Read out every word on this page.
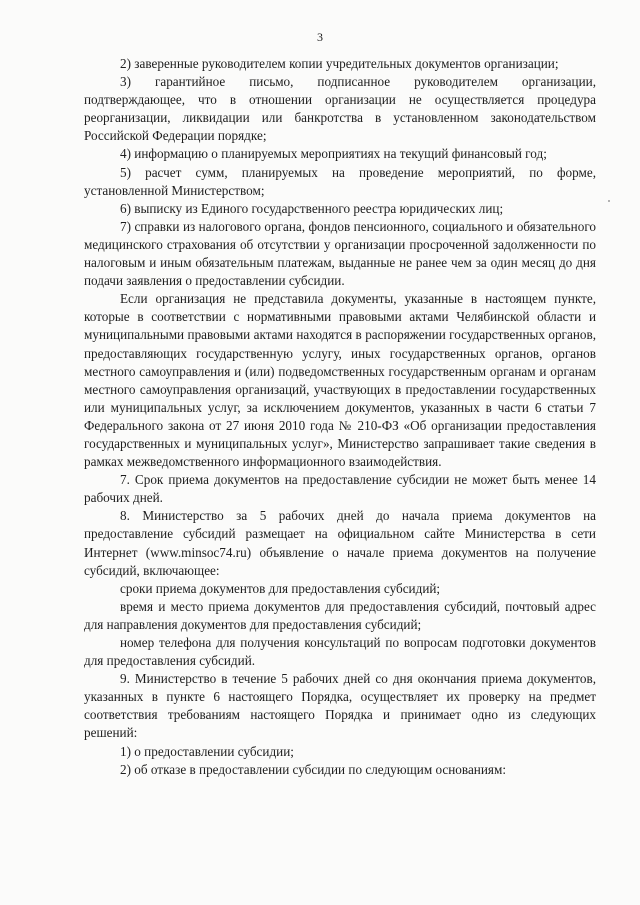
3

2) заверенные руководителем копии учредительных документов организации;

3) гарантийное письмо, подписанное руководителем организации, подтверждающее, что в отношении организации не осуществляется процедура реорганизации, ликвидации или банкротства в установленном законодательством Российской Федерации порядке;

4) информацию о планируемых мероприятиях на текущий финансовый год;

5) расчет сумм, планируемых на проведение мероприятий, по форме, установленной Министерством;

6) выписку из Единого государственного реестра юридических лиц;

7) справки из налогового органа, фондов пенсионного, социального и обязательного медицинского страхования об отсутствии у организации просроченной задолженности по налоговым и иным обязательным платежам, выданные не ранее чем за один месяц до дня подачи заявления о предоставлении субсидии.

Если организация не представила документы, указанные в настоящем пункте, которые в соответствии с нормативными правовыми актами Челябинской области и муниципальными правовыми актами находятся в распоряжении государственных органов, предоставляющих государственную услугу, иных государственных органов, органов местного самоуправления и (или) подведомственных государственным органам и органам местного самоуправления организаций, участвующих в предоставлении государственных или муниципальных услуг, за исключением документов, указанных в части 6 статьи 7 Федерального закона от 27 июня 2010 года № 210-ФЗ «Об организации предоставления государственных и муниципальных услуг», Министерство запрашивает такие сведения в рамках межведомственного информационного взаимодействия.

7. Срок приема документов на предоставление субсидии не может быть менее 14 рабочих дней.

8. Министерство за 5 рабочих дней до начала приема документов на предоставление субсидий размещает на официальном сайте Министерства в сети Интернет (www.minsoc74.ru) объявление о начале приема документов на получение субсидий, включающее:

сроки приема документов для предоставления субсидий;

время и место приема документов для предоставления субсидий, почтовый адрес для направления документов для предоставления субсидий;

номер телефона для получения консультаций по вопросам подготовки документов для предоставления субсидий.

9. Министерство в течение 5 рабочих дней со дня окончания приема документов, указанных в пункте 6 настоящего Порядка, осуществляет их проверку на предмет соответствия требованиям настоящего Порядка и принимает одно из следующих решений:

1) о предоставлении субсидии;

2) об отказе в предоставлении субсидии по следующим основаниям:
